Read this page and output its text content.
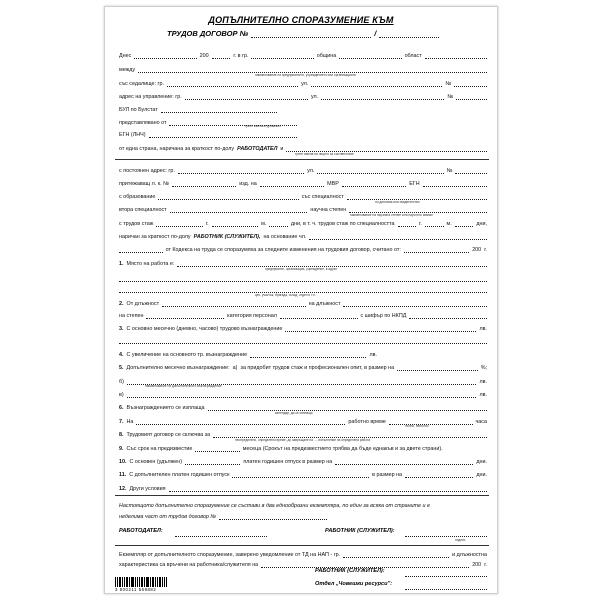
ДОПЪЛНИТЕЛНО СПОРАЗУМЕНИЕ КЪМ
ТРУДОВ ДОГОВОР №	/
Днес	200	г. в гр.	община	област
между
наименование на предприятието, учреждението или организацията
със седалище: гр.	ул.	№
адрес на управление: гр.	ул.	№
БУЛ по Булстат
представлявано от	трите имена и длъжност
ЕГН (ЛНЧ)
от една страна, наричана за краткост по-долу РАБОТОДАТЕЛ и
трите имена на лицето за съответствие
с постоянен адрес: гр.	ул.	№
притежаващ л. к. №	изд. на	МВР	ЕГН
с образование	със специалност
по диплома или свидетелство
втора специалност	научна степен
наименование на научната степен или научното звание
с трудов стаж	г.	м.	дни, в т. ч. трудов стаж по специалността	г.	м.	дни,
наричан за краткост по-долу РАБОТНИК (СЛУЖИТЕЛ), на основание чл.
от Кодекса на труда се споразумяха за следните изменения на трудовия договор, считано от:	200 г.
1. Място на работа е:
предприятие, организация, учреждение, в адрес
цех, участък, бригада, склад, отдел и т.н.
2. От длъжност	на длъжност
на степен	категория персонал	с шифър по НКПД
3. С основно месечно (дневно, часово) трудово възнаграждение	лв.
4. С увеличение на основното тр. възнаграждение	лв.
5. Допълнително месечно възнаграждение: а) за придобит трудов стаж и професионален опит, в размер на	%;
б)	лв.
наименование на допълнителното възнаграждение
в)	лв.
6. Възнаграждението се изплаща
календар, да се изплаща
7. На	работно време	часа
пълно, непълно
8. Трудовият договор се сключва за
неопределено, определено време, до завръщане на ..., изпълнение на определена работа
9. Със срок на предизвестие	месеца (Срокът на предизвестието трябва да бъде еднакъв и за двете страни).
10. С основен (удължен)	платен годишен отпуск в размер на	дни.
11. С допълнителен платен годишен отпуск	в размер на	дни.
12. Други условия
Настоящото допълнително споразумение се състави в два еднообразни екземпляра, по един за всяка от страните и е
неделима част от трудов договор №
РАБОТОДАТЕЛ:	РАБОТНИК (СЛУЖИТЕЛ):
подпис
Екземпляр от допълнителното споразумение, заверено уведомление от ТД на НАП - гр.	и длъжностна
характеристика са връчени на работника/служителя на	200 г.
РАБОТНИК (СЛУЖИТЕЛ):
Отдел „Човешки ресурси":
3 800211 569882
